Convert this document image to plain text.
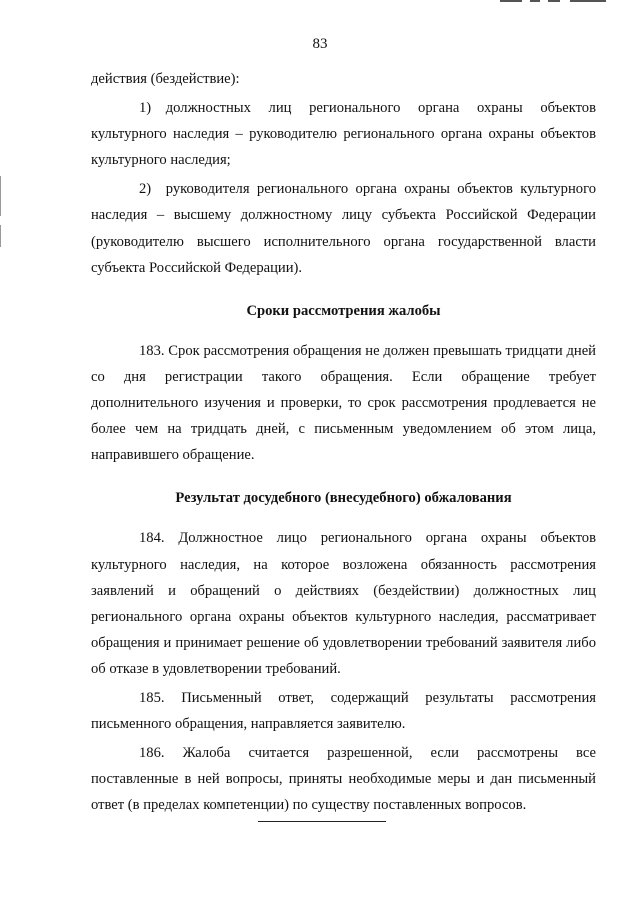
83

действия (бездействие):

1) должностных лиц регионального органа охраны объектов культурного наследия – руководителю регионального органа охраны объектов культурного наследия;

2) руководителя регионального органа охраны объектов культурного наследия – высшему должностному лицу субъекта Российской Федерации (руководителю высшего исполнительного органа государственной власти субъекта Российской Федерации).

Сроки рассмотрения жалобы

183. Срок рассмотрения обращения не должен превышать тридцати дней со дня регистрации такого обращения. Если обращение требует дополнительного изучения и проверки, то срок рассмотрения продлевается не более чем на тридцать дней, с письменным уведомлением об этом лица, направившего обращение.

Результат досудебного (внесудебного) обжалования

184. Должностное лицо регионального органа охраны объектов культурного наследия, на которое возложена обязанность рассмотрения заявлений и обращений о действиях (бездействии) должностных лиц регионального органа охраны объектов культурного наследия, рассматривает обращения и принимает решение об удовлетворении требований заявителя либо об отказе в удовлетворении требований.

185. Письменный ответ, содержащий результаты рассмотрения письменного обращения, направляется заявителю.

186. Жалоба считается разрешенной, если рассмотрены все поставленные в ней вопросы, приняты необходимые меры и дан письменный ответ (в пределах компетенции) по существу поставленных вопросов.
